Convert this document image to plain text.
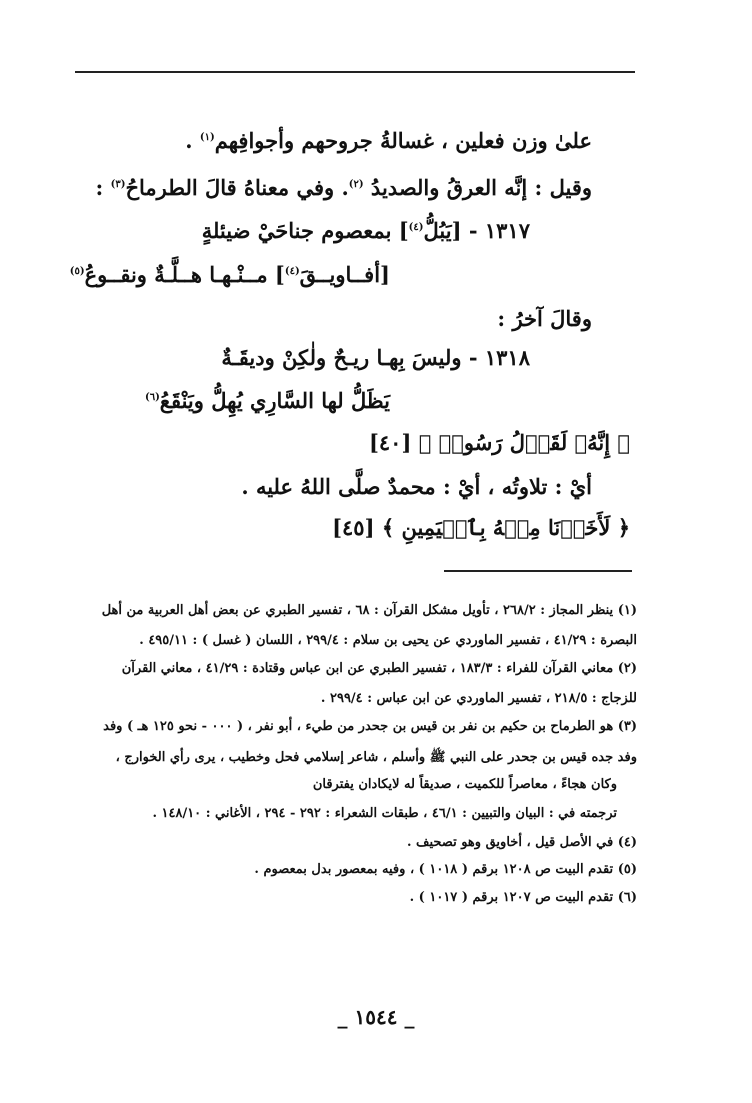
علىٰ وزن فعلين ، غسالةُ جروحهم وأجوافِهم$^{(١)}$ .
وقيل : إنَّه العرقُ والصديدُ $^{(٢)}$. وفي معناهُ قالَ الطرماحُ$^{(٣)}$ :
١٣١٧ - [يَبُلُّ$^{(٤)}$] بمعصوم جناحَيْ ضيئلةٍ
[أفــاويــقَ$^{(٤)}$] مــنْـهـا هــلَّـةٌ ونقــوعُ$^{(٥)}$
وقالَ آخرُ :
١٣١٨ - وليسَ بِهـا ريـحٌ ولٰكِنْ وديقَـةٌ
يَظَلُّ لها السَّارِي يُهِلُّ ويَنْقَعُ$^{(٦)}$
﴿ إِنَّهُۥ لَقَوۡلُ رَسُولٖ ﴾ [٤٠]
أيْ : تلاوتُه ، أيْ : محمدٌ صلَّى اللهُ عليه .
﴿ لَأَخَذۡنَا مِنۡهُ بِٱلۡيَمِينِ ﴾ [٤٥]
(١) ينظر المجاز : ٢٦٨/٢ ، تأويل مشكل القرآن : ٦٨ ، تفسير الطبري عن بعض أهل العربية من أهل
البصرة : ٤١/٢٩ ، تفسير الماوردي عن يحيى بن سلام : ٢٩٩/٤ ، اللسان ( غسل ) : ٤٩٥/١١ .
(٢) معاني القرآن للفراء : ١٨٣/٣ ، تفسير الطبري عن ابن عباس وقتادة : ٤١/٢٩ ، معاني القرآن
للزجاج : ٢١٨/٥ ، تفسير الماوردي عن ابن عباس : ٢٩٩/٤ .
(٣) هو الطرماح بن حكيم بن نفر بن قيس بن جحدر من طيء ، أبو نفر ، ( ٠٠٠ - نحو ١٢٥ هـ ) وفد
وفد جده قيس بن جحدر على النبي ﷺ وأسلم ، شاعر إسلامي فحل وخطيب ، يرى رأي الخوارج ،
وكان هجاءً ، معاصراً للكميت ، صديقاً له لايكادان يفترقان
ترجمته في : البيان والتبيين : ٤٦/١ ، طبقات الشعراء : ٢٩٢ - ٢٩٤ ، الأغاني : ١٤٨/١٠ .
(٤) في الأصل قيل ، أخاويق وهو تصحيف .
(٥) تقدم البيت ص ١٢٠٨ برقم ( ١٠١٨ ) ، وفيه بمعصور بدل بمعصوم .
(٦) تقدم البيت ص ١٢٠٧ برقم ( ١٠١٧ ) .
_ ١٥٤٤ _
